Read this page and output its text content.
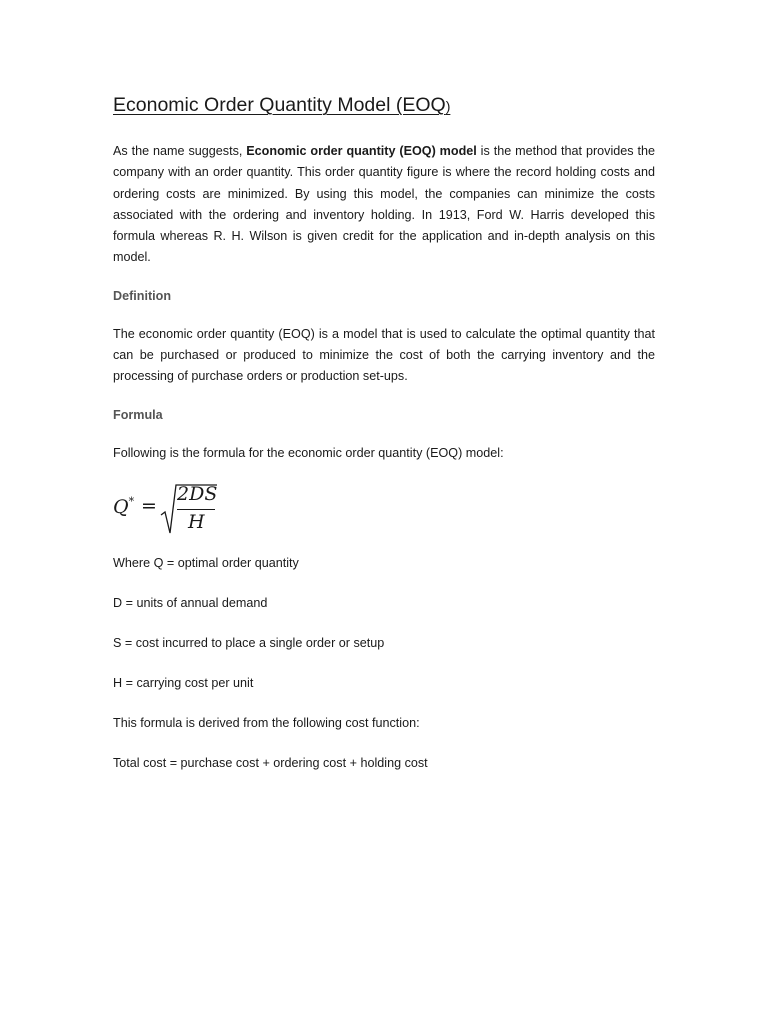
Economic Order Quantity Model (EOQ)

As the name suggests, Economic order quantity (EOQ) model is the method that provides the company with an order quantity. This order quantity figure is where the record holding costs and ordering costs are minimized. By using this model, the companies can minimize the costs associated with the ordering and inventory holding. In 1913, Ford W. Harris developed this formula whereas R. H. Wilson is given credit for the application and in-depth analysis on this model.

Definition

The economic order quantity (EOQ) is a model that is used to calculate the optimal quantity that can be purchased or produced to minimize the cost of both the carrying inventory and the processing of purchase orders or production set-ups.

Formula
Following is the formula for the economic order quantity (EOQ) model:
Q* =
2DS
H
Where Q = optimal order quantity
D = units of annual demand
S = cost incurred to place a single order or setup
H = carrying cost per unit
This formula is derived from the following cost function:
Total cost = purchase cost + ordering cost + holding cost
